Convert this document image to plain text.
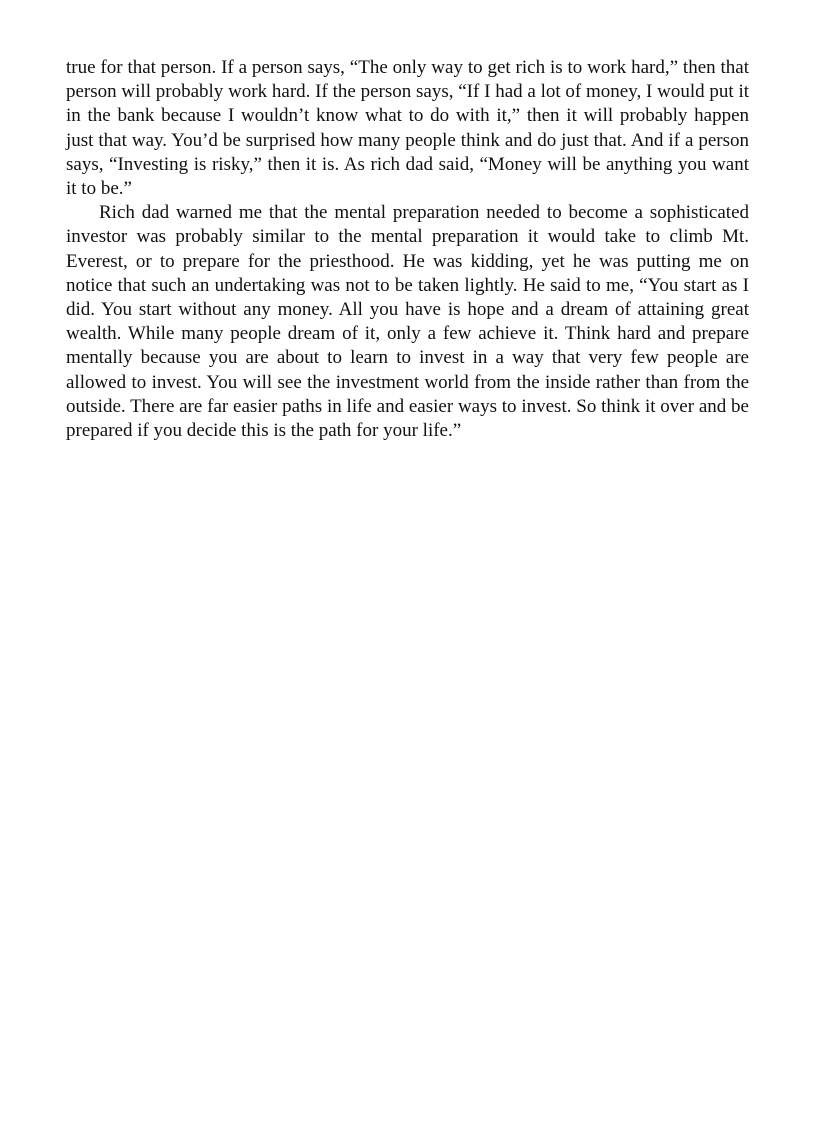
true for that person. If a person says, “The only way to get rich is to work hard,” then that person will probably work hard. If the person says, “If I had a lot of money, I would put it in the bank because I wouldn’t know what to do with it,” then it will probably happen just that way. You’d be surprised how many people think and do just that. And if a person says, “Investing is risky,” then it is. As rich dad said, “Money will be anything you want it to be.”

Rich dad warned me that the mental preparation needed to become a sophisticated investor was probably similar to the mental preparation it would take to climb Mt. Everest, or to prepare for the priesthood. He was kidding, yet he was putting me on notice that such an undertaking was not to be taken lightly. He said to me, “You start as I did. You start without any money. All you have is hope and a dream of attaining great wealth. While many people dream of it, only a few achieve it. Think hard and prepare mentally because you are about to learn to invest in a way that very few people are allowed to invest. You will see the investment world from the inside rather than from the outside. There are far easier paths in life and easier ways to invest. So think it over and be prepared if you decide this is the path for your life.”
